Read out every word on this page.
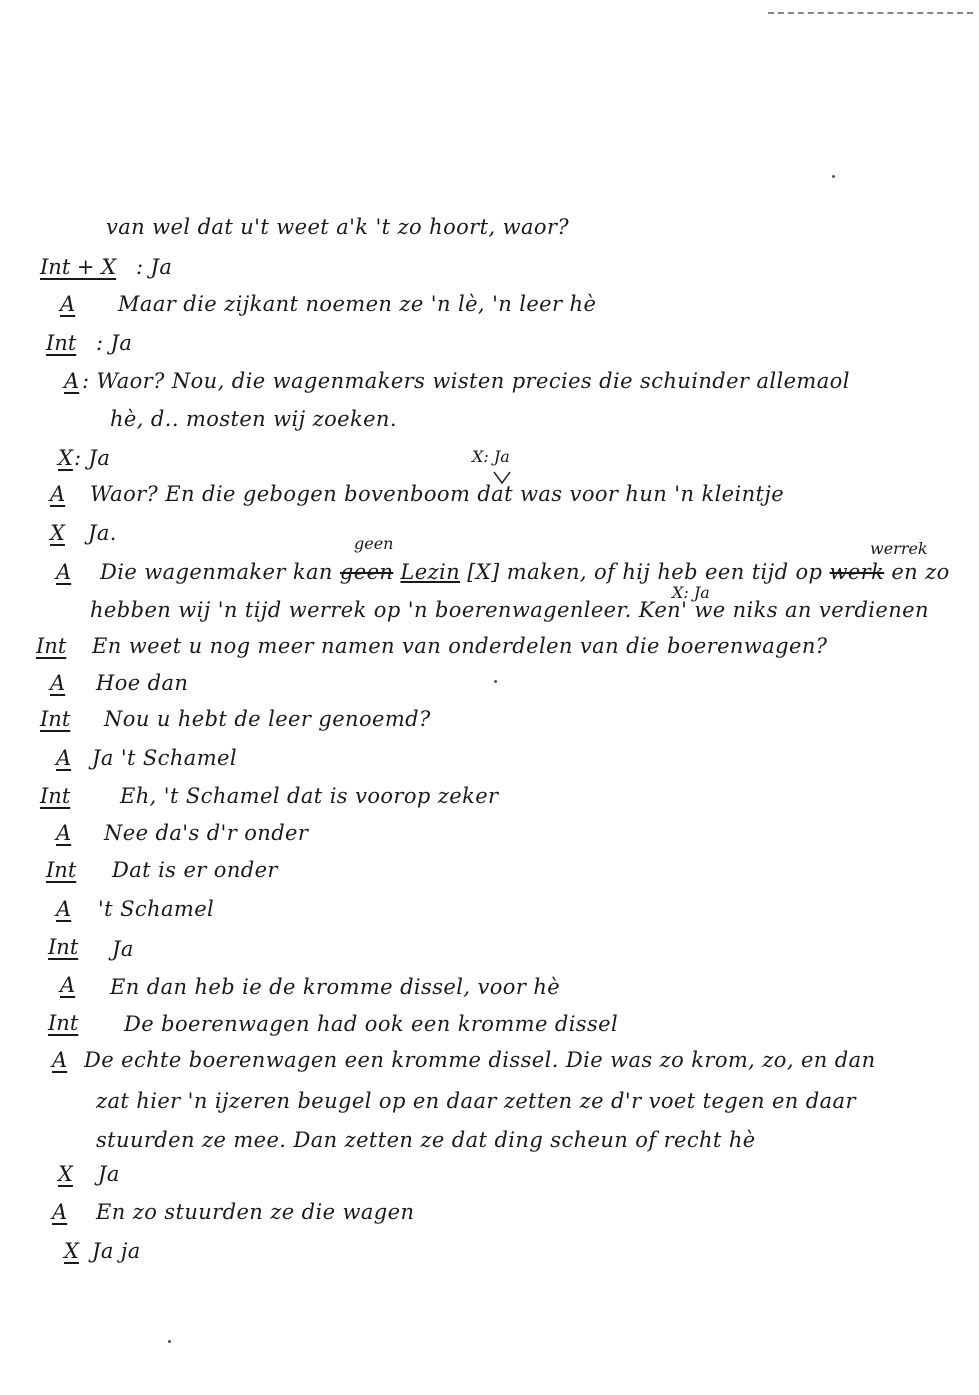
van wel dat u't weet a'k 't zo hoort, waor?
Int + X : Ja
A Maar die zijkant noemen ze 'n lè, 'n leer hè
Int : Ja
A : Waor? Nou, die wagenmakers wisten precies die schuinder allemaol
hè, d.. mosten wij zoeken.
X : Ja	X: Ja
A Waor? En die gebogen bovenboom dat was voor hun 'n kleintje
X Ja.	geen	werrek
A Die wagenmaker kan geen Lezin [X] maken, of hij heb een tijd op werk en zo
X: Ja
hebben wij 'n tijd werrek op 'n boerenwagenleer. Ken' we niks an verdienen
Int En weet u nog meer namen van onderdelen van die boerenwagen?
A Hoe dan
Int Nou u hebt de leer genoemd?
A Ja 't Schamel
Int Eh, 't Schamel dat is voorop zeker
A Nee da's d'r onder
Int Dat is er onder
A 't Schamel
Int Ja
A En dan heb ie de kromme dissel, voor hè
Int De boerenwagen had ook een kromme dissel
A De echte boerenwagen een kromme dissel. Die was zo krom, zo, en dan
zat hier 'n ijzeren beugel op en daar zetten ze d'r voet tegen en daar
stuurden ze mee. Dan zetten ze dat ding scheun of recht hè
X Ja
A En zo stuurden ze die wagen
X Ja ja
